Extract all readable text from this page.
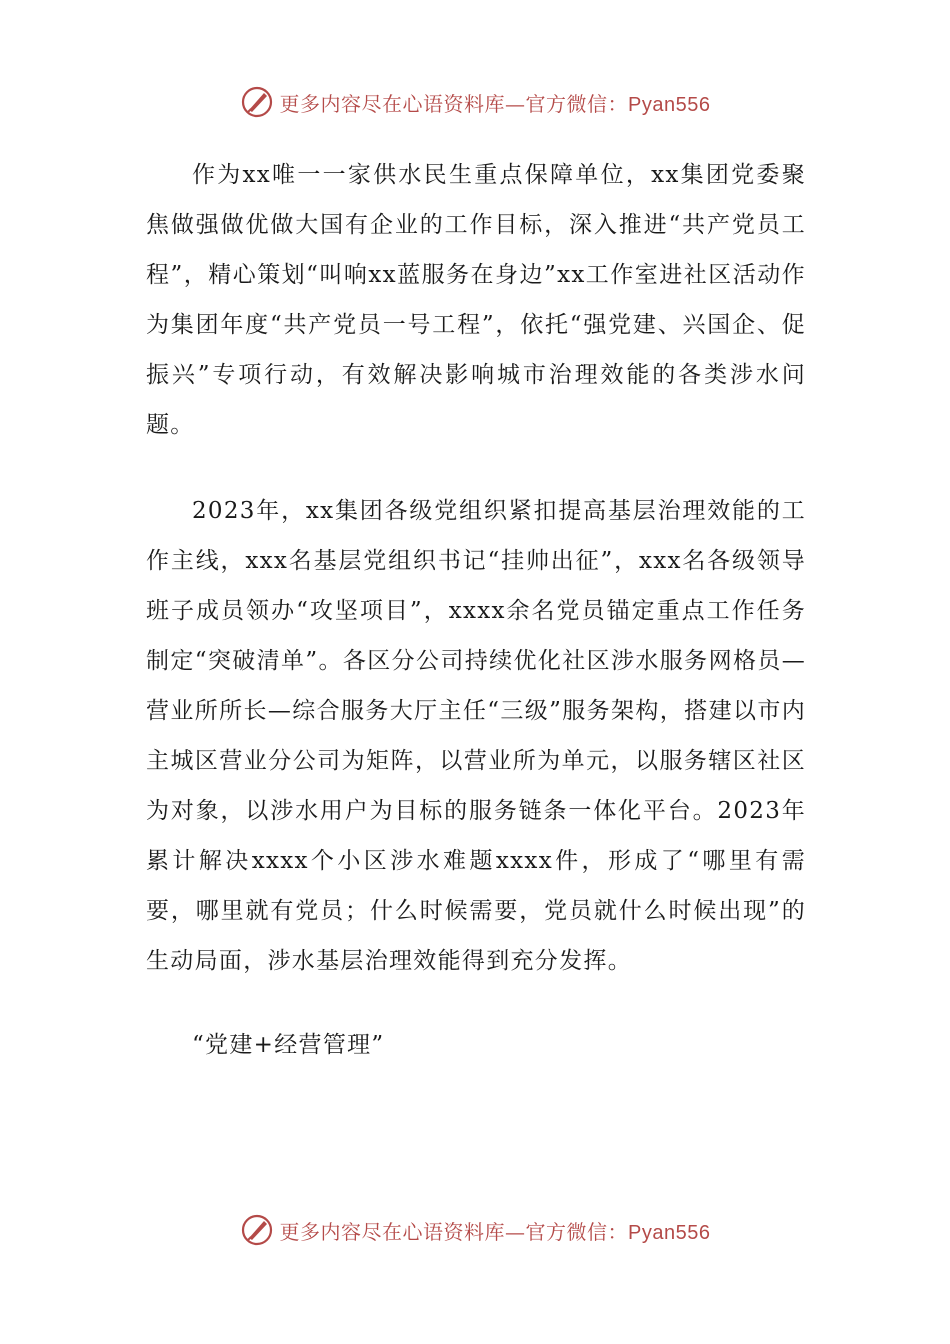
更多内容尽在心语资料库—官方微信：Pyan556

作为xx唯一一家供水民生重点保障单位，xx集团党委聚焦做强做优做大国有企业的工作目标，深入推进“共产党员工程”，精心策划“叫响xx蓝服务在身边”xx工作室进社区活动作为集团年度“共产党员一号工程”，依托“强党建、兴国企、促振兴”专项行动，有效解决影响城市治理效能的各类涉水问题。

2023年，xx集团各级党组织紧扣提高基层治理效能的工作主线，xxx名基层党组织书记“挂帅出征”，xxx名各级领导班子成员领办“攻坚项目”，xxxx余名党员锚定重点工作任务制定“突破清单”。各区分公司持续优化社区涉水服务网格员—营业所所长—综合服务大厅主任“三级”服务架构，搭建以市内主城区营业分公司为矩阵，以营业所为单元，以服务辖区社区为对象，以涉水用户为目标的服务链条一体化平台。2023年累计解决xxxx个小区涉水难题xxxx件，形成了“哪里有需要，哪里就有党员；什么时候需要，党员就什么时候出现”的生动局面，涉水基层治理效能得到充分发挥。

“党建+经营管理”

更多内容尽在心语资料库—官方微信：Pyan556
